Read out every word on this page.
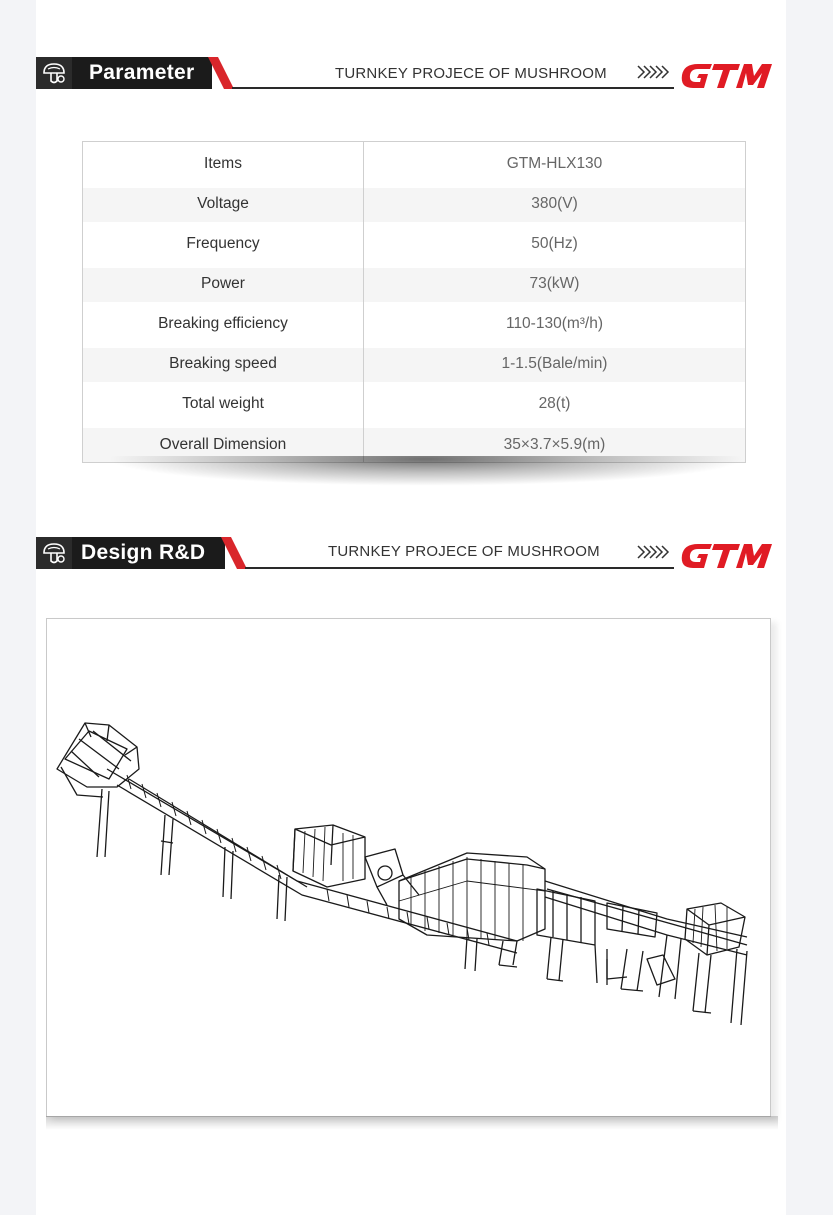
Parameter	TURNKEY PROJECE OF MUSHROOM
Items	GTM-HLX130
Voltage	380(V)
Frequency	50(Hz)
Power	73(kW)
Breaking efficiency	110-130(m³/h)
Breaking speed	1-1.5(Bale/min)
Total weight	28(t)
Overall Dimension	35×3.7×5.9(m)
Design R&D	TURNKEY PROJECE OF MUSHROOM
